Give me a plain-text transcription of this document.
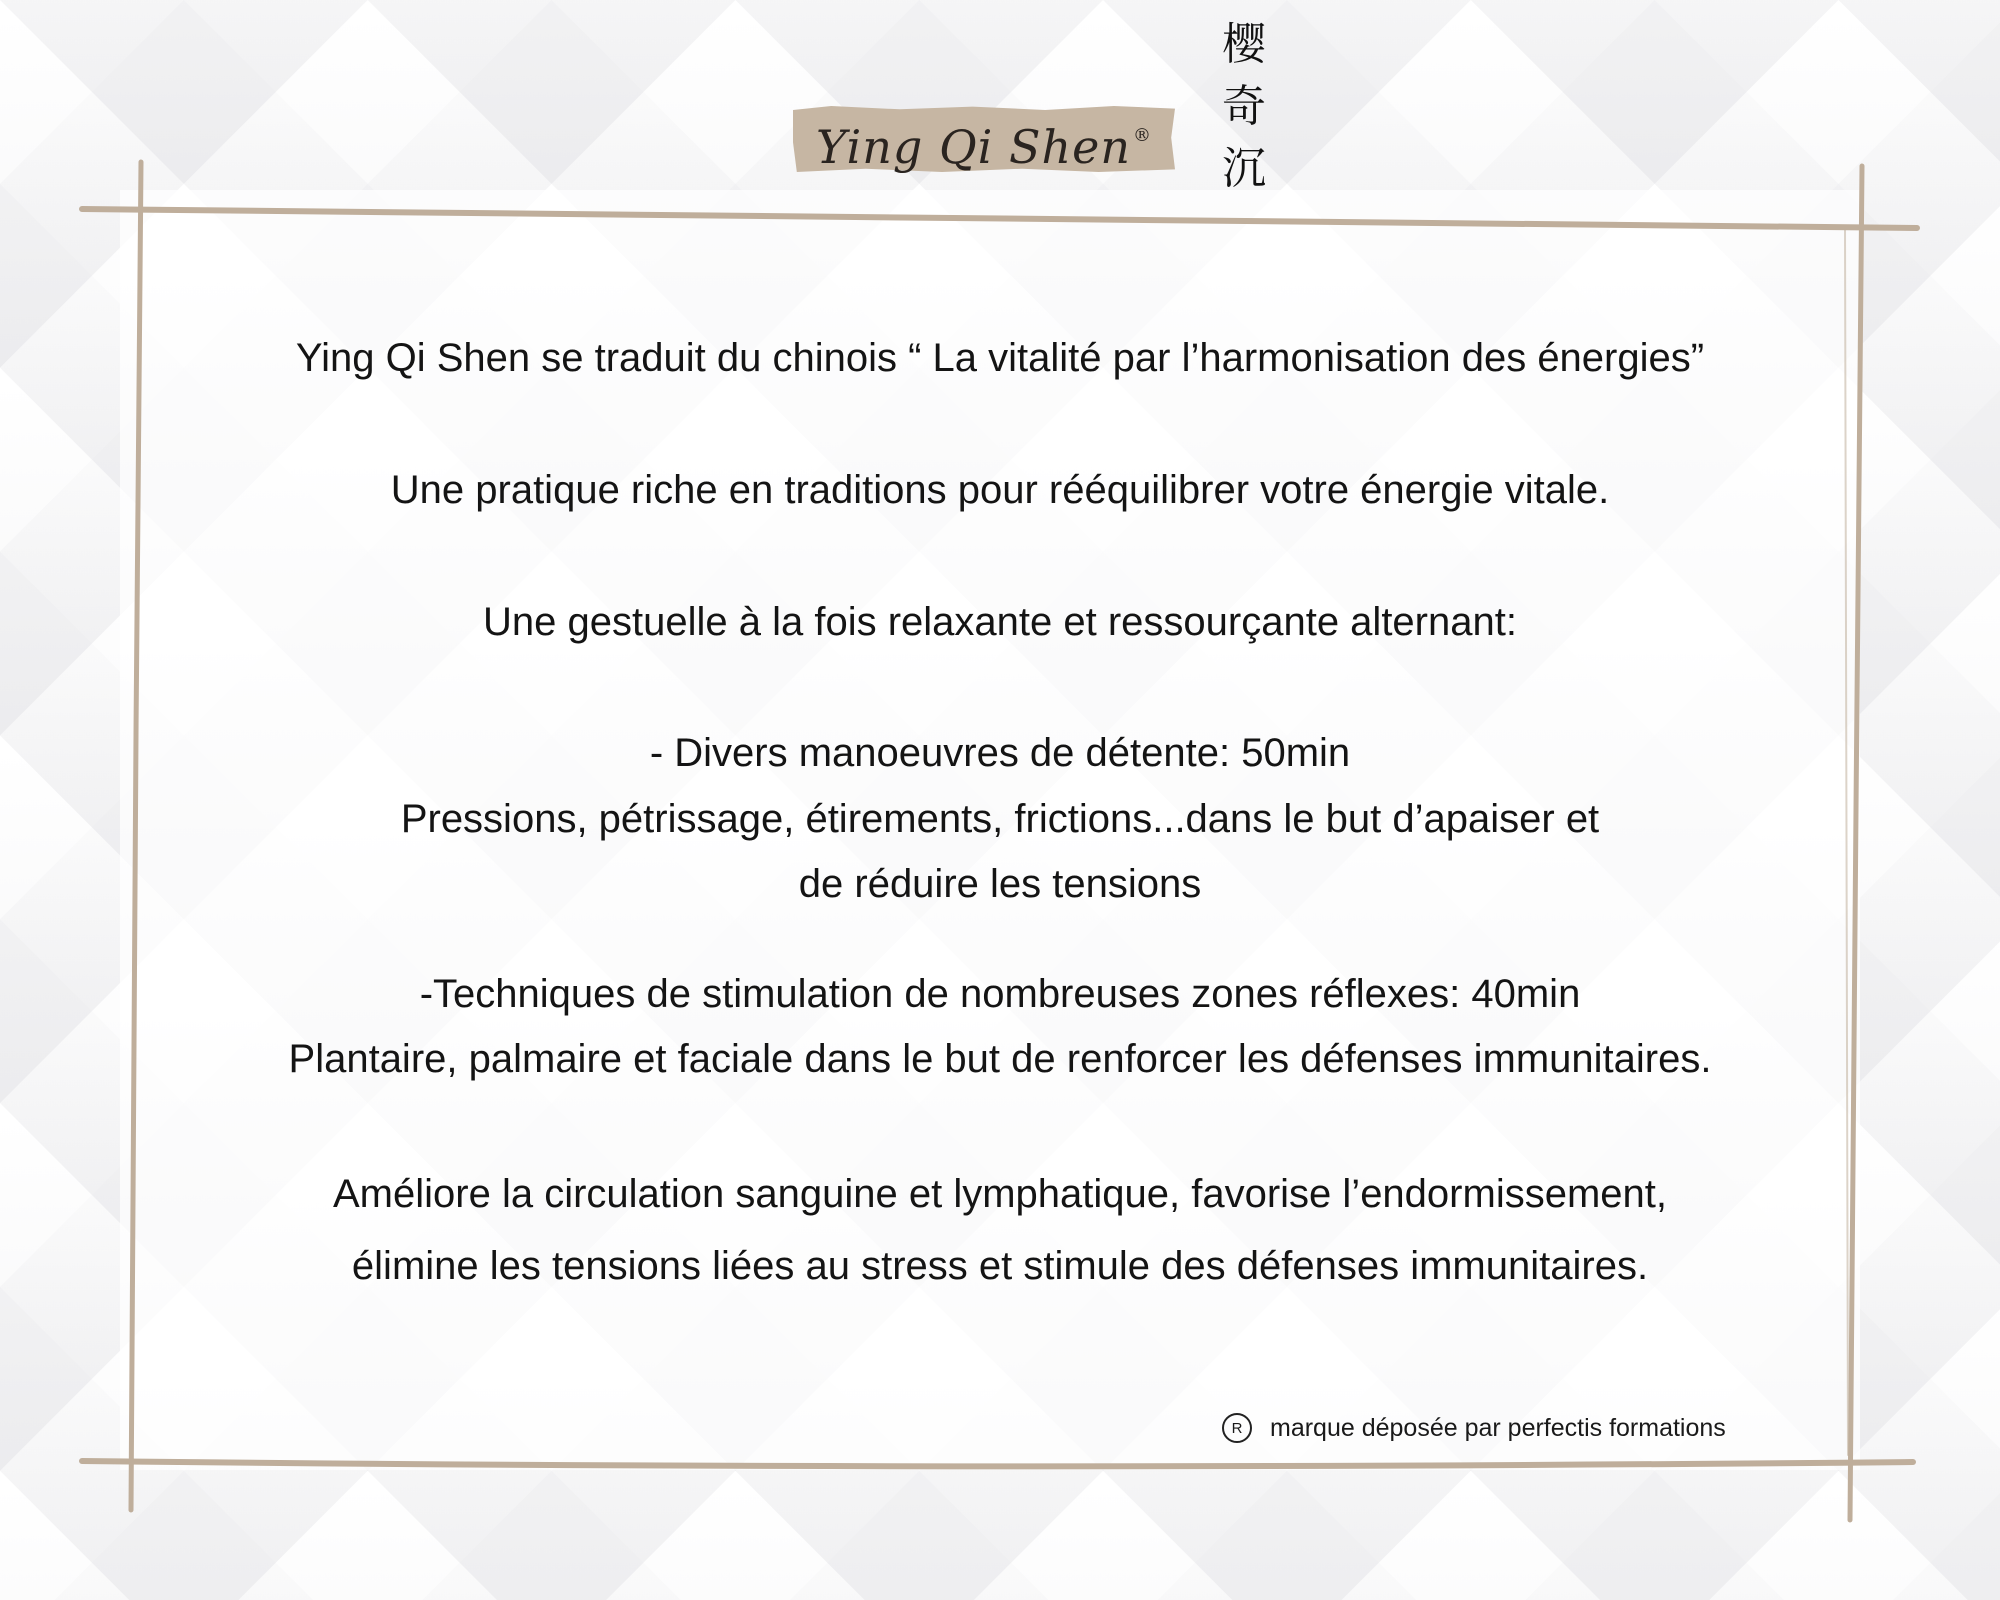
Ying Qi Shen ®
樱
奇
沉
Ying Qi Shen se traduit du chinois “ La vitalité par l’harmonisation des énergies”
Une pratique riche en traditions pour rééquilibrer votre énergie vitale.
Une gestuelle à la fois relaxante et ressourçante alternant:
- Divers manoeuvres de détente: 50min
Pressions, pétrissage, étirements, frictions...dans le but d’apaiser et
de réduire les tensions
-Techniques de stimulation de nombreuses zones réflexes: 40min
Plantaire, palmaire et faciale dans le but de renforcer les défenses immunitaires.
Améliore la circulation sanguine et lymphatique, favorise l’endormissement,
élimine les tensions liées au stress et stimule des défenses immunitaires.
R	marque déposée par perfectis formations
